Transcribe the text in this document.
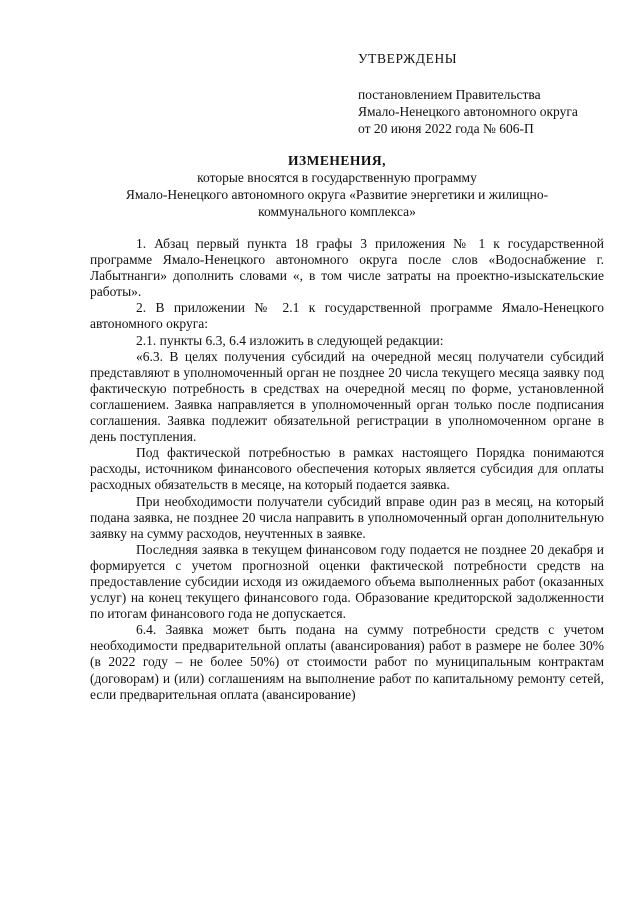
УТВЕРЖДЕНЫ
постановлением Правительства
Ямало-Ненецкого автономного округа
от 20 июня 2022 года № 606-П
ИЗМЕНЕНИЯ,
которые вносятся в государственную программу
Ямало-Ненецкого автономного округа «Развитие энергетики и жилищно-
коммунального комплекса»

1. Абзац первый пункта 18 графы 3 приложения № 1 к государственной программе Ямало-Ненецкого автономного округа после слов «Водоснабжение г. Лабытнанги» дополнить словами «, в том числе затраты на проектно-изыскательские работы».

2. В приложении № 2.1 к государственной программе Ямало-Ненецкого автономного округа:

2.1. пункты 6.3, 6.4 изложить в следующей редакции:

«6.3. В целях получения субсидий на очередной месяц получатели субсидий представляют в уполномоченный орган не позднее 20 числа текущего месяца заявку под фактическую потребность в средствах на очередной месяц по форме, установленной соглашением. Заявка направляется в уполномоченный орган только после подписания соглашения. Заявка подлежит обязательной регистрации в уполномоченном органе в день поступления.

Под фактической потребностью в рамках настоящего Порядка понимаются расходы, источником финансового обеспечения которых является субсидия для оплаты расходных обязательств в месяце, на который подается заявка.

При необходимости получатели субсидий вправе один раз в месяц, на который подана заявка, не позднее 20 числа направить в уполномоченный орган дополнительную заявку на сумму расходов, неучтенных в заявке.

Последняя заявка в текущем финансовом году подается не позднее 20 декабря и формируется с учетом прогнозной оценки фактической потребности средств на предоставление субсидии исходя из ожидаемого объема выполненных работ (оказанных услуг) на конец текущего финансового года. Образование кредиторской задолженности по итогам финансового года не допускается.

6.4. Заявка может быть подана на сумму потребности средств с учетом необходимости предварительной оплаты (авансирования) работ в размере не более 30% (в 2022 году – не более 50%) от стоимости работ по муниципальным контрактам (договорам) и (или) соглашениям на выполнение работ по капитальному ремонту сетей, если предварительная оплата (авансирование)
